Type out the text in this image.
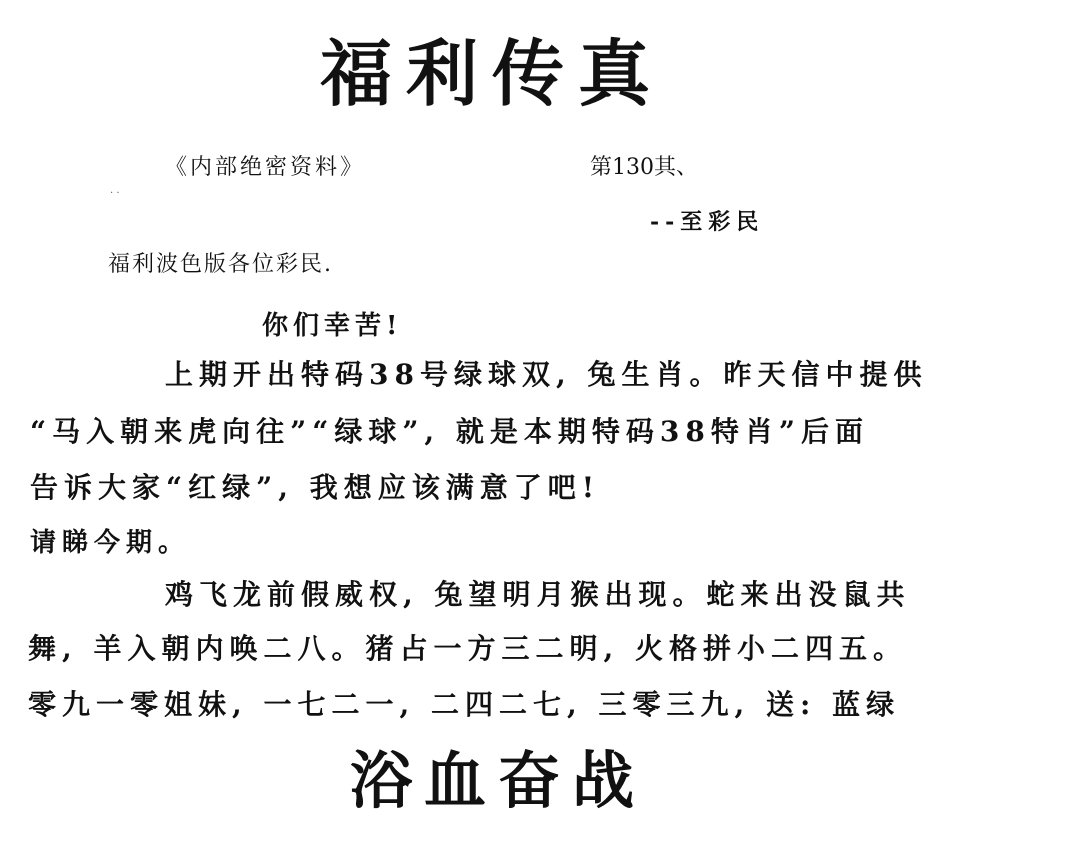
福利传真
《内部绝密资料》	第130其、
· ·
--至彩民
福利波色版各位彩民.
你们幸苦!
上期开出特码38号绿球双, 兔生肖。昨天信中提供
“马入朝来虎向往”“绿球”, 就是本期特码38特肖”后面
告诉大家“红绿”, 我想应该满意了吧!
请睇今期。
鸡飞龙前假威权, 兔望明月猴出现。蛇来出没鼠共
舞, 羊入朝内唤二八。猪占一方三二明, 火格拼小二四五。
零九一零姐妹, 一七二一, 二四二七, 三零三九, 送: 蓝绿
浴血奋战
